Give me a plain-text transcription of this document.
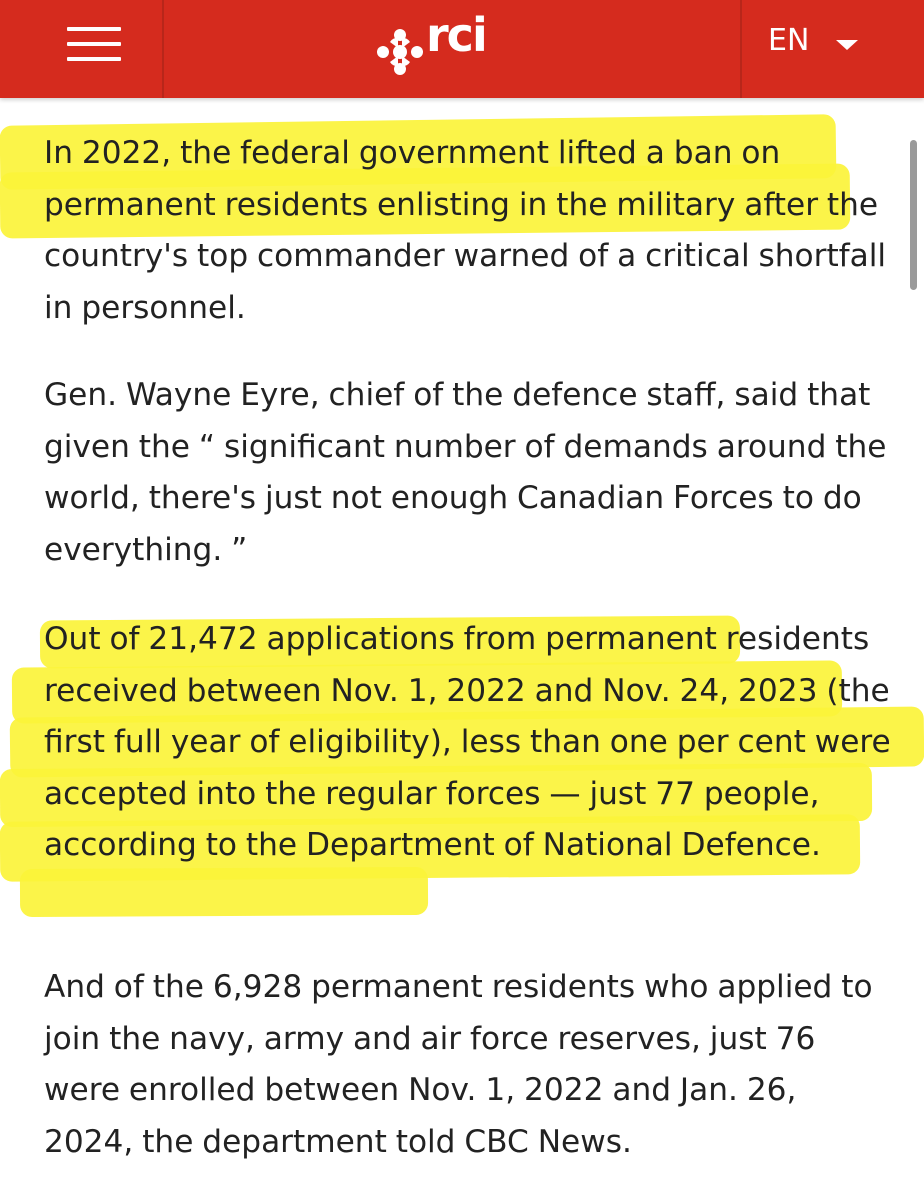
rci	EN

In 2022, the federal government lifted a ban on permanent residents enlisting in the military after the country's top commander warned of a critical shortfall in personnel.

Gen. Wayne Eyre, chief of the defence staff, said that given the “ significant number of demands around the world, there's just not enough Canadian Forces to do everything. ”

Out of 21,472 applications from permanent residents received between Nov. 1, 2022 and Nov. 24, 2023 (the first full year of eligibility), less than one per cent were accepted into the regular forces — just 77 people, according to the Department of National Defence.

And of the 6,928 permanent residents who applied to join the navy, army and air force reserves, just 76 were enrolled between Nov. 1, 2022 and Jan. 26, 2024, the department told CBC News.
